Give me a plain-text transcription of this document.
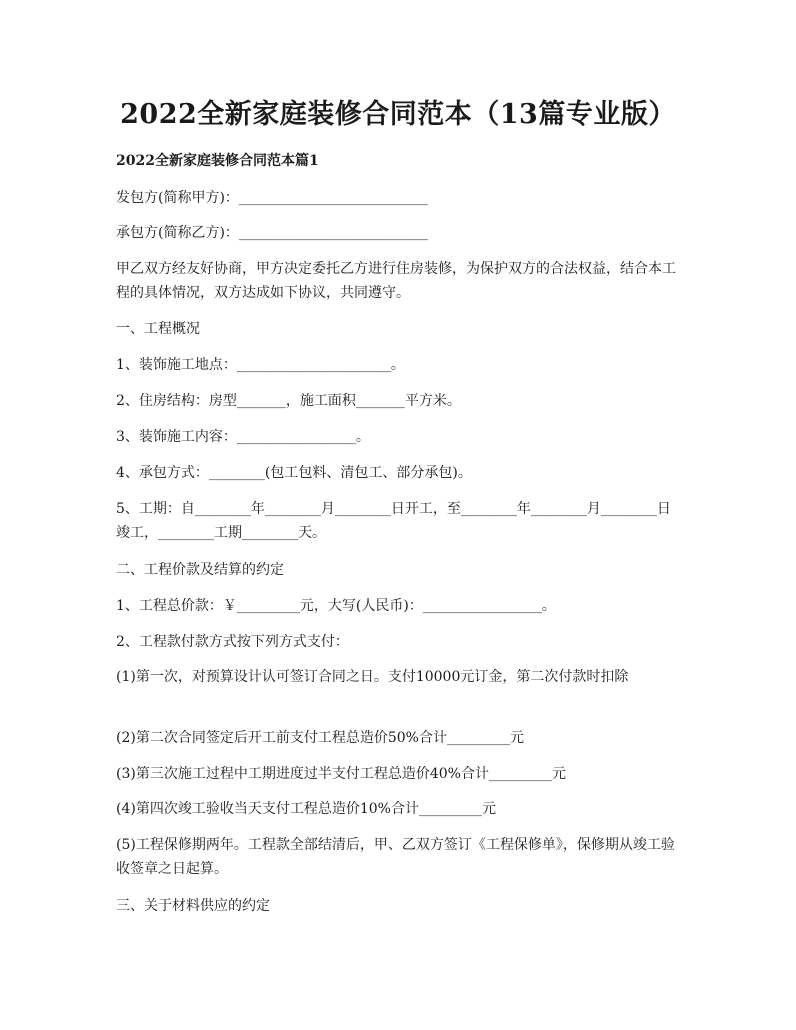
2022全新家庭装修合同范本（13篇专业版）
2022全新家庭装修合同范本篇1
发包方(简称甲方)：___________________________
承包方(简称乙方)：___________________________
甲乙双方经友好协商，甲方决定委托乙方进行住房装修，为保护双方的合法权益，结合本工程的具体情况，双方达成如下协议，共同遵守。
一、工程概况
1、装饰施工地点：______________________。
2、住房结构：房型_______，施工面积_______平方米。
3、装饰施工内容：_________________。
4、承包方式：________(包工包料、清包工、部分承包)。
5、工期：自________年________月________日开工，至________年________月________日竣工，________工期________天。
二、工程价款及结算的约定
1、工程总价款：￥_________元，大写(人民币)：_________________。
2、工程款付款方式按下列方式支付：
(1)第一次，对预算设计认可签订合同之日。支付10000元订金，第二次付款时扣除
(2)第二次合同签定后开工前支付工程总造价50%合计_________元
(3)第三次施工过程中工期进度过半支付工程总造价40%合计_________元
(4)第四次竣工验收当天支付工程总造价10%合计_________元
(5)工程保修期两年。工程款全部结清后，甲、乙双方签订《工程保修单》，保修期从竣工验收签章之日起算。
三、关于材料供应的约定
